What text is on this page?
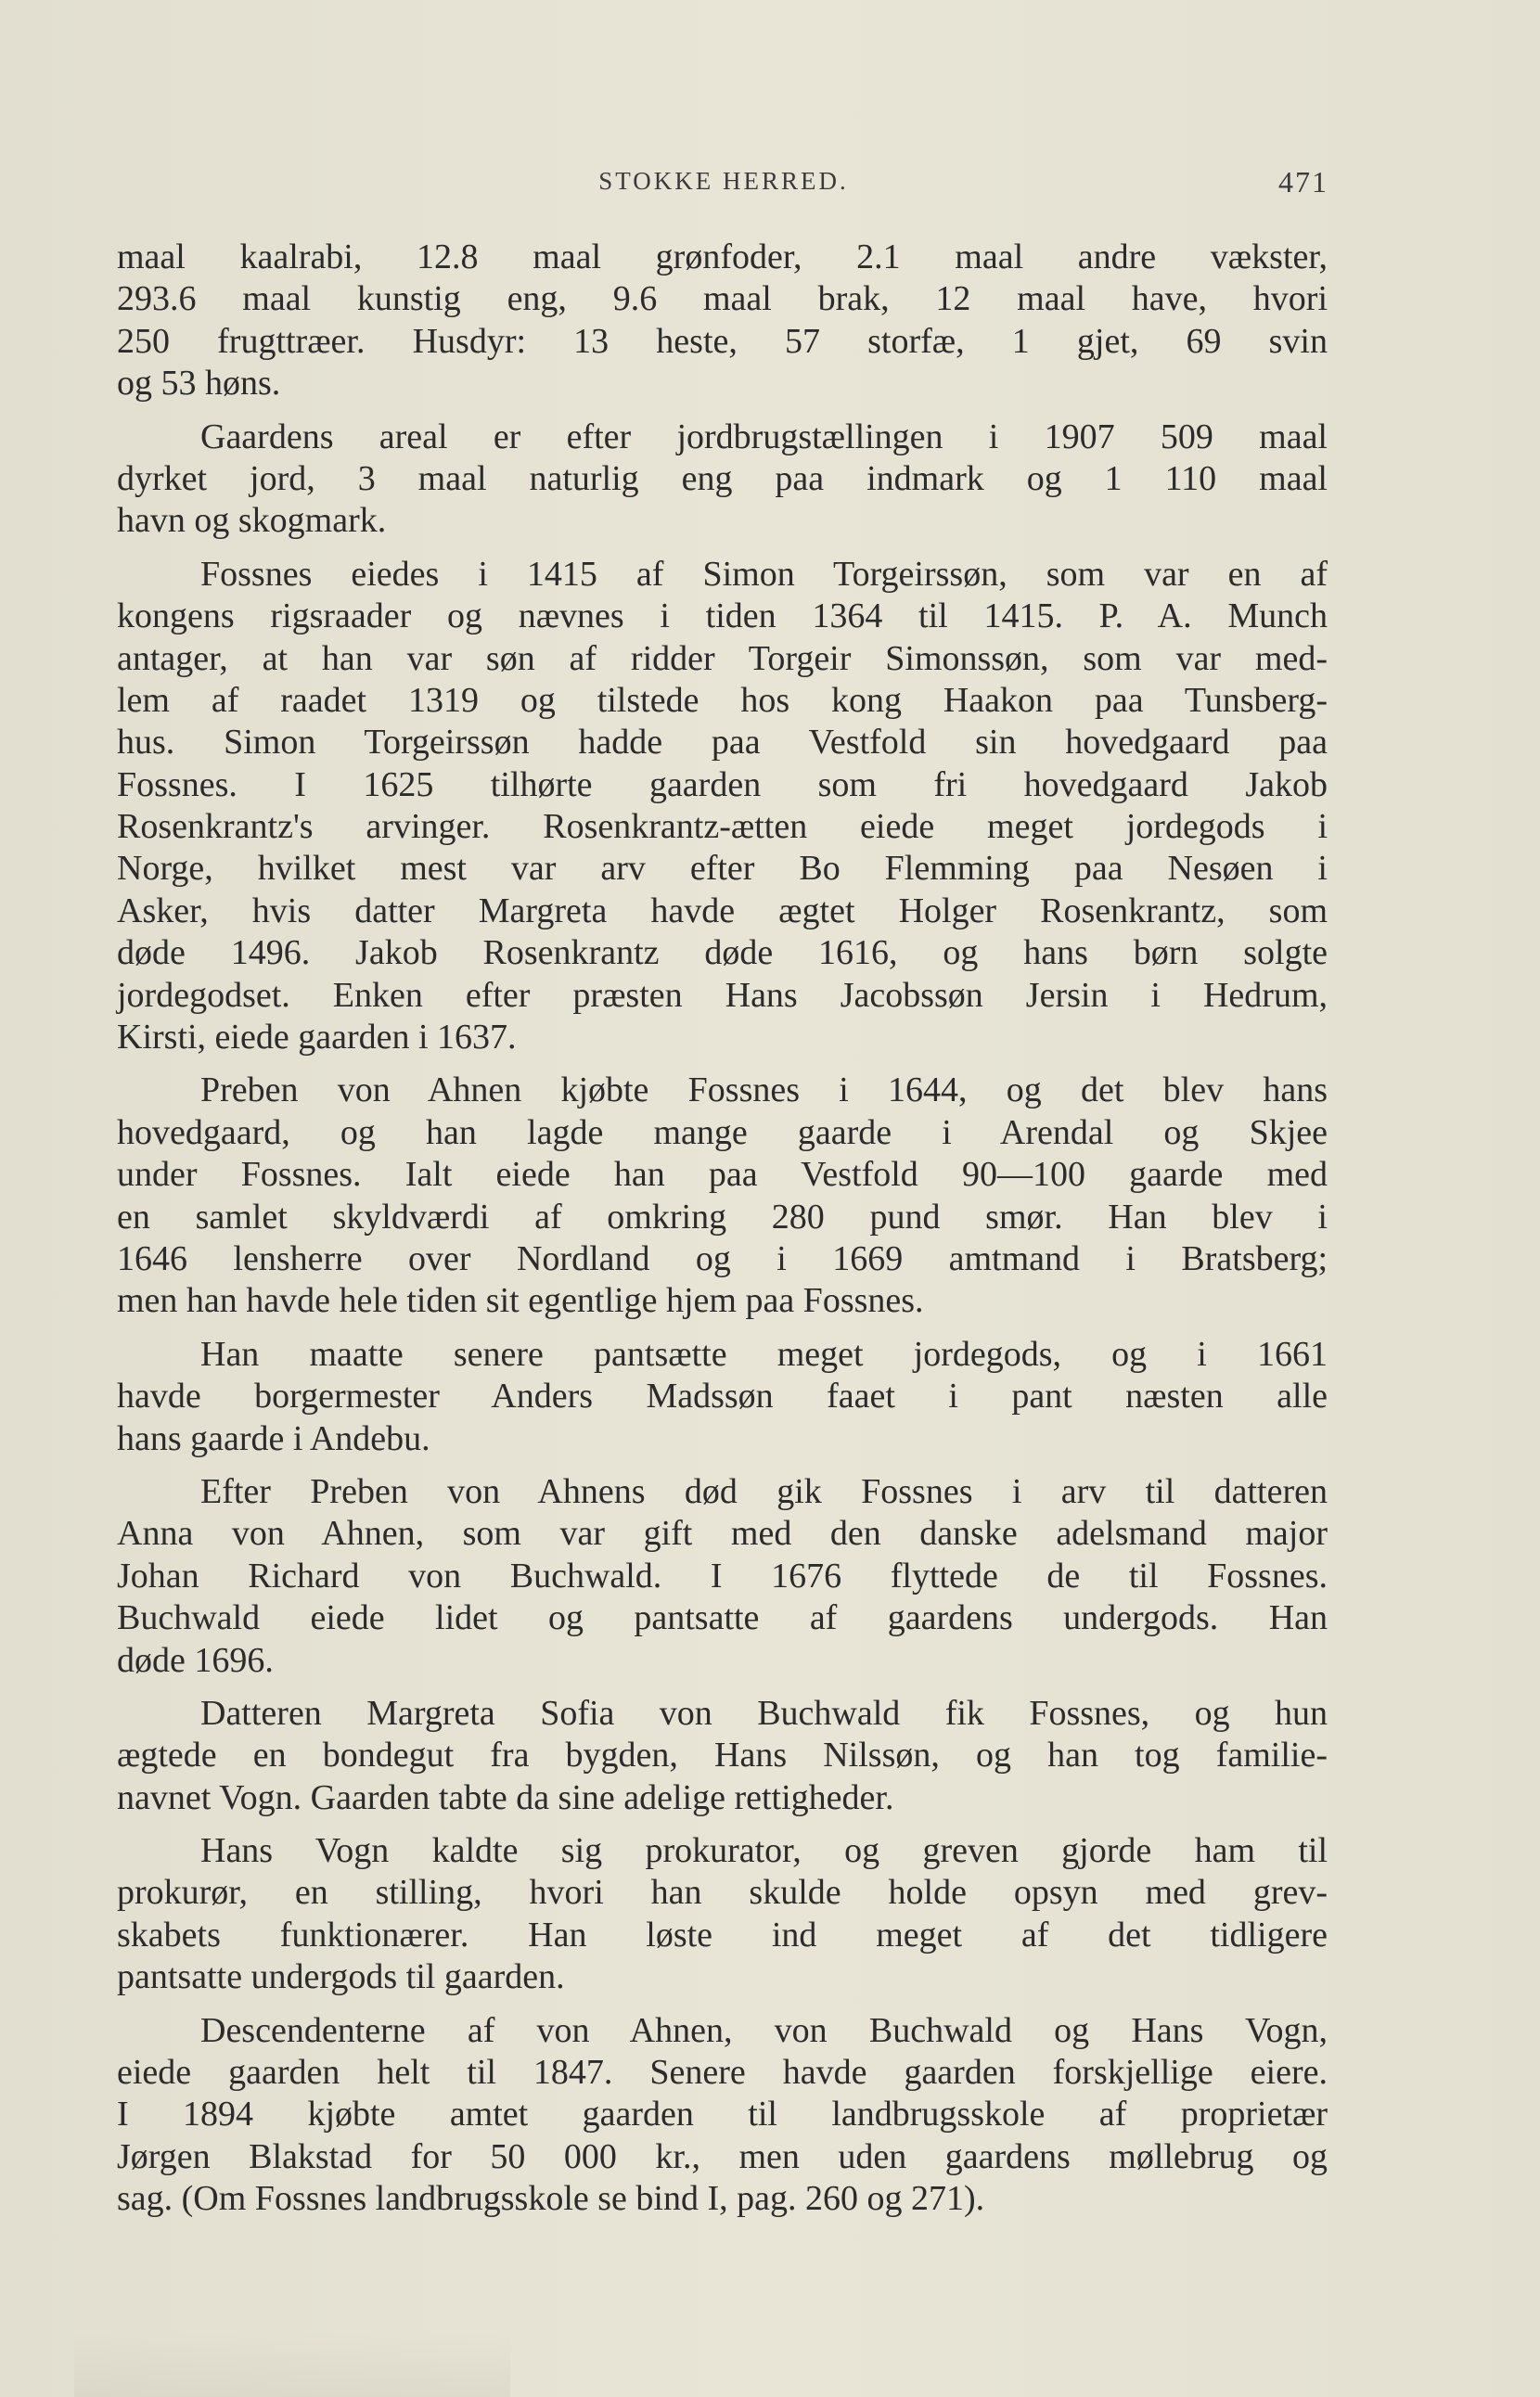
STOKKE HERRED.	471
maal kaalrabi, 12.8 maal grønfoder, 2.1 maal andre vækster,
293.6 maal kunstig eng, 9.6 maal brak, 12 maal have, hvori
250 frugttræer. Husdyr: 13 heste, 57 storfæ, 1 gjet, 69 svin
og 53 høns.
Gaardens areal er efter jordbrugstællingen i 1907 509 maal
dyrket jord, 3 maal naturlig eng paa indmark og 1 110 maal
havn og skogmark.
Fossnes eiedes i 1415 af Simon Torgeirssøn, som var en af
kongens rigsraader og nævnes i tiden 1364 til 1415. P. A. Munch
antager, at han var søn af ridder Torgeir Simonssøn, som var med-
lem af raadet 1319 og tilstede hos kong Haakon paa Tunsberg-
hus. Simon Torgeirssøn hadde paa Vestfold sin hovedgaard paa
Fossnes. I 1625 tilhørte gaarden som fri hovedgaard Jakob
Rosenkrantz's arvinger. Rosenkrantz-ætten eiede meget jordegods i
Norge, hvilket mest var arv efter Bo Flemming paa Nesøen i
Asker, hvis datter Margreta havde ægtet Holger Rosenkrantz, som
døde 1496. Jakob Rosenkrantz døde 1616, og hans børn solgte
jordegodset. Enken efter præsten Hans Jacobssøn Jersin i Hedrum,
Kirsti, eiede gaarden i 1637.
Preben von Ahnen kjøbte Fossnes i 1644, og det blev hans
hovedgaard, og han lagde mange gaarde i Arendal og Skjee
under Fossnes. Ialt eiede han paa Vestfold 90—100 gaarde med
en samlet skyldværdi af omkring 280 pund smør. Han blev i
1646 lensherre over Nordland og i 1669 amtmand i Bratsberg;
men han havde hele tiden sit egentlige hjem paa Fossnes.
Han maatte senere pantsætte meget jordegods, og i 1661
havde borgermester Anders Madssøn faaet i pant næsten alle
hans gaarde i Andebu.
Efter Preben von Ahnens død gik Fossnes i arv til datteren
Anna von Ahnen, som var gift med den danske adelsmand major
Johan Richard von Buchwald. I 1676 flyttede de til Fossnes.
Buchwald eiede lidet og pantsatte af gaardens undergods. Han
døde 1696.
Datteren Margreta Sofia von Buchwald fik Fossnes, og hun
ægtede en bondegut fra bygden, Hans Nilssøn, og han tog familie-
navnet Vogn. Gaarden tabte da sine adelige rettigheder.
Hans Vogn kaldte sig prokurator, og greven gjorde ham til
prokurør, en stilling, hvori han skulde holde opsyn med grev-
skabets funktionærer. Han løste ind meget af det tidligere
pantsatte undergods til gaarden.
Descendenterne af von Ahnen, von Buchwald og Hans Vogn,
eiede gaarden helt til 1847. Senere havde gaarden forskjellige eiere.
I 1894 kjøbte amtet gaarden til landbrugsskole af proprietær
Jørgen Blakstad for 50 000 kr., men uden gaardens møllebrug og
sag. (Om Fossnes landbrugsskole se bind I, pag. 260 og 271).
